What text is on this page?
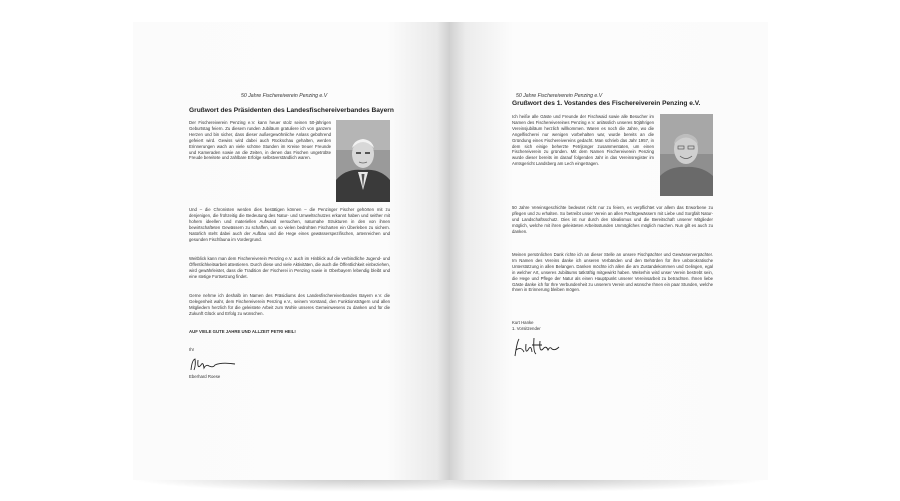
50 Jahre Fischereiverein Penzing e.V
Grußwort des Präsidenten des Landesfischereiverbandes Bayern

Der Fischereiverein Penzing e.V. kann heuer stolz seinen 50-jährigen Geburtstag feiern. Zu diesem runden Jubiläum gratuliere ich von ganzem Herzen und bin sicher, dass dieser außergewöhnliche Anlass gebührend gefeiert wird. Gewiss wird dabei auch Rückschau gehalten, werden Erinnerungen wach an viele schöne Stunden im Kreise treuer Freunde und Kameraden sowie an die Zeiten, in denen das Fischen ungetrübte Freude bereitete und zahlbare Erfolge selbstverständlich waren.

Und – die Chronisten werden dies bestätigen können – die Penzinger Fischer gehörten mit zu denjenigen, die frühzeitig die Bedeutung des Natur- und Umweltschutzes erkannt haben und seither mit hohem ideellen und materiellen Aufwand versuchen, naturnahe Strukturen in den von ihnen bewirtschafteten Gewässern zu schaffen, um so vielen bedrohten Fischarten ein Überleben zu sichern. Natürlich steht dabei auch der Aufbau und die Hege eines gewässerspezifischen, artenreichen und gesunden Fischfauna im Vordergrund.

Weitblick kann man dem Fischereiverein Penzing e.V. auch im Hinblick auf die verbindliche Jugend- und Öffentlichkeitsarbeit attestieren. Durch diese und viele Aktivitäten, die auch die Öffentlichkeit einbeziehen, wird gewährleistet, dass die Tradition der Fischerei in Penzing sowie in Oberbayern lebendig bleibt und eine stetige Fortsetzung findet.

Gerne nehme ich deshalb im Namen des Präsidiums des Landesfischereiverbandes Bayern e.V. die Gelegenheit wahr, dem Fischereiverein Penzing e.V., seinem Vorstand, den Funktionsträgern und allen Mitgliedern herzlich für die geleistete Arbeit zum Wohle unseres Gemeinwesens zu danken und für die Zukunft Glück und Erfolg zu wünschen.

AUF VIELE GUTE JAHRE UND ALLZEIT PETRI HEIL!
Ihr
Eberhard Roese
50 Jahre Fischereiverein Penzing e.V
Grußwort des 1. Vostandes des Fischereiverein Penzing e.V.

Ich heiße alle Gäste und Freunde der Fischwaid sowie alle Besucher im Namen des Fischereivereines Penzing e.V. anlässlich unseres 50jährigen Vereinsjubiläum herzlich willkommen. Waren es noch die Jahre, wo die Angelfischerei nur wenigen vorbehalten war, wurde bereits an die Gründung eines Fischereivereins gedacht. Man schrieb das Jahr 1957, in dem sich einige beherzte Petrijünger zusammentaten, um einen Fischereiverein zu gründen. Mit dem Namen Fischereiverein Penzing wurde dieser bereits im darauf folgenden Jahr in das Vereinsregister im Amtsgericht Landsberg am Lech eingetragen.

50 Jahre Vereinsgeschichte bedeutet nicht nur zu feiern, es verpflichtet vor allem das Erworbene zu pflegen und zu erhalten. So betreibt unser Verein an allen Pachtgewässern mit Liebe und Sorgfalt Natur- und Landschaftsschutz. Dies ist nur durch den Idealismus und die Bereitschaft unserer Mitglieder möglich, welche mit ihren geleisteten Arbeitsstunden Unmögliches möglich machen. Nun gilt es auch zu danken.

Meinen persönlichen Dank richte ich an dieser Stelle an unsere Fischpächter und Gewässerverpächter. Im Namen des Vereins danke ich unseren Verbänden und den Behörden für ihre unbürokratische Unterstützung in allen Belangen. Danken möchte ich allen die am Zustandekommen und Gelingen, egal in welcher Art, unseres Jubiläums tatkräftig mitgewirkt haben. Weiterhin wird unser Verein bestrebt sein, die Hege und Pflege der Natur als einen Hauptpunkt unserer Vereinsarbeit zu betrachten. Ihnen liebe Gäste danke ich für Ihre Verbundenheit zu unserem Verein und wünsche Ihnen ein paar Stunden, welche Ihnen in Erinnerung bleiben mögen.

Kurt Hanke
1. Vorsitzender
